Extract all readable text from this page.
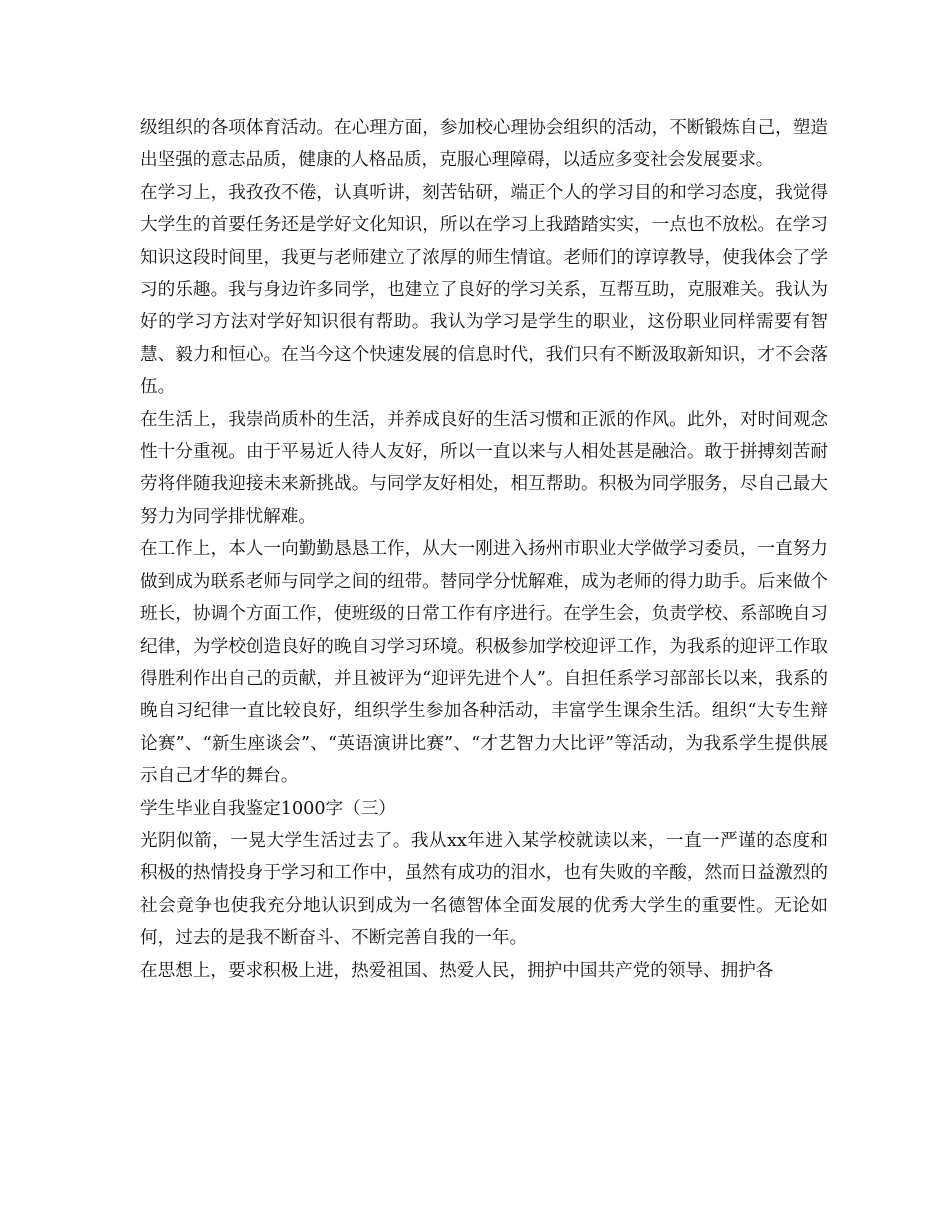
级组织的各项体育活动。在心理方面，参加校心理协会组织的活动，不断锻炼自己，塑造出坚强的意志品质，健康的人格品质，克服心理障碍，以适应多变社会发展要求。

在学习上，我孜孜不倦，认真听讲，刻苦钻研，端正个人的学习目的和学习态度，我觉得大学生的首要任务还是学好文化知识，所以在学习上我踏踏实实，一点也不放松。在学习知识这段时间里，我更与老师建立了浓厚的师生情谊。老师们的谆谆教导，使我体会了学习的乐趣。我与身边许多同学，也建立了良好的学习关系，互帮互助，克服难关。我认为好的学习方法对学好知识很有帮助。我认为学习是学生的职业，这份职业同样需要有智慧、毅力和恒心。在当今这个快速发展的信息时代，我们只有不断汲取新知识，才不会落伍。

在生活上，我崇尚质朴的生活，并养成良好的生活习惯和正派的作风。此外，对时间观念性十分重视。由于平易近人待人友好，所以一直以来与人相处甚是融洽。敢于拼搏刻苦耐劳将伴随我迎接未来新挑战。与同学友好相处，相互帮助。积极为同学服务，尽自己最大努力为同学排忧解难。

在工作上，本人一向勤勤恳恳工作，从大一刚进入扬州市职业大学做学习委员，一直努力做到成为联系老师与同学之间的纽带。替同学分忧解难，成为老师的得力助手。后来做个班长，协调个方面工作，使班级的日常工作有序进行。在学生会，负责学校、系部晚自习纪律，为学校创造良好的晚自习学习环境。积极参加学校迎评工作，为我系的迎评工作取得胜利作出自己的贡献，并且被评为“迎评先进个人”。自担任系学习部部长以来，我系的晚自习纪律一直比较良好，组织学生参加各种活动，丰富学生课余生活。组织“大专生辩论赛”、“新生座谈会”、“英语演讲比赛”、“才艺智力大比评”等活动，为我系学生提供展示自己才华的舞台。

学生毕业自我鉴定1000字（三）

光阴似箭，一晃大学生活过去了。我从xx年进入某学校就读以来，一直一严谨的态度和积极的热情投身于学习和工作中，虽然有成功的泪水，也有失败的辛酸，然而日益激烈的社会竟争也使我充分地认识到成为一名德智体全面发展的优秀大学生的重要性。无论如何，过去的是我不断奋斗、不断完善自我的一年。

在思想上，要求积极上进，热爱祖国、热爱人民，拥护中国共产党的领导、拥护各
